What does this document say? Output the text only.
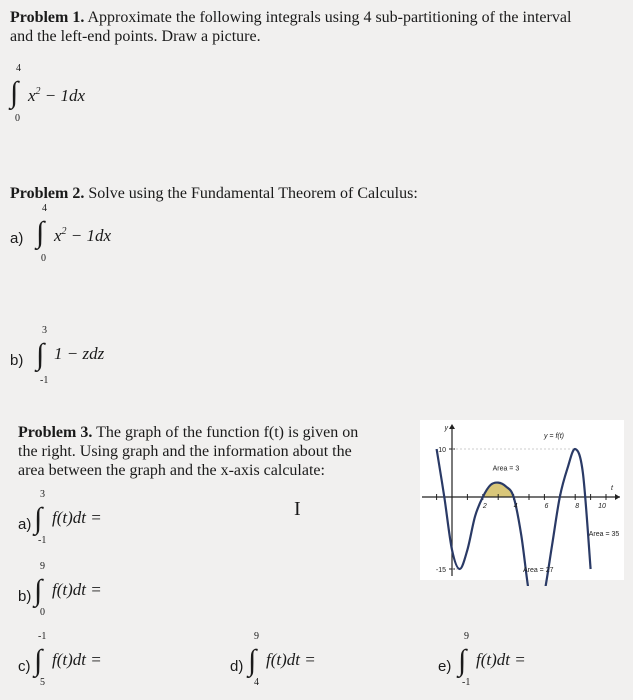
Problem 1. Approximate the following integrals using 4 sub-partitioning of the interval
and the left-end points. Draw a picture.
4
∫ $x^2 - 1dx$
0
Problem 2. Solve using the Fundamental Theorem of Calculus:
a)
4
∫ $x^2 - 1dx$
0
b)
3
∫ 1 − zdz
-1
Problem 3. The graph of the function f(t) is given on
the right. Using graph and the information about the
area between the graph and the x-axis calculate:
I
a)
3
∫ f(t)dt =
-1
b)
9
∫ f(t)dt =
0
c)
-1
∫ f(t)dt =
5
d)
9
∫ f(t)dt =
4
e)
9
∫ f(t)dt =
-1
2	4	6	8	10
10
-15
y
t
y = f(t)
Area = 3
Area = 27
Area = 35
